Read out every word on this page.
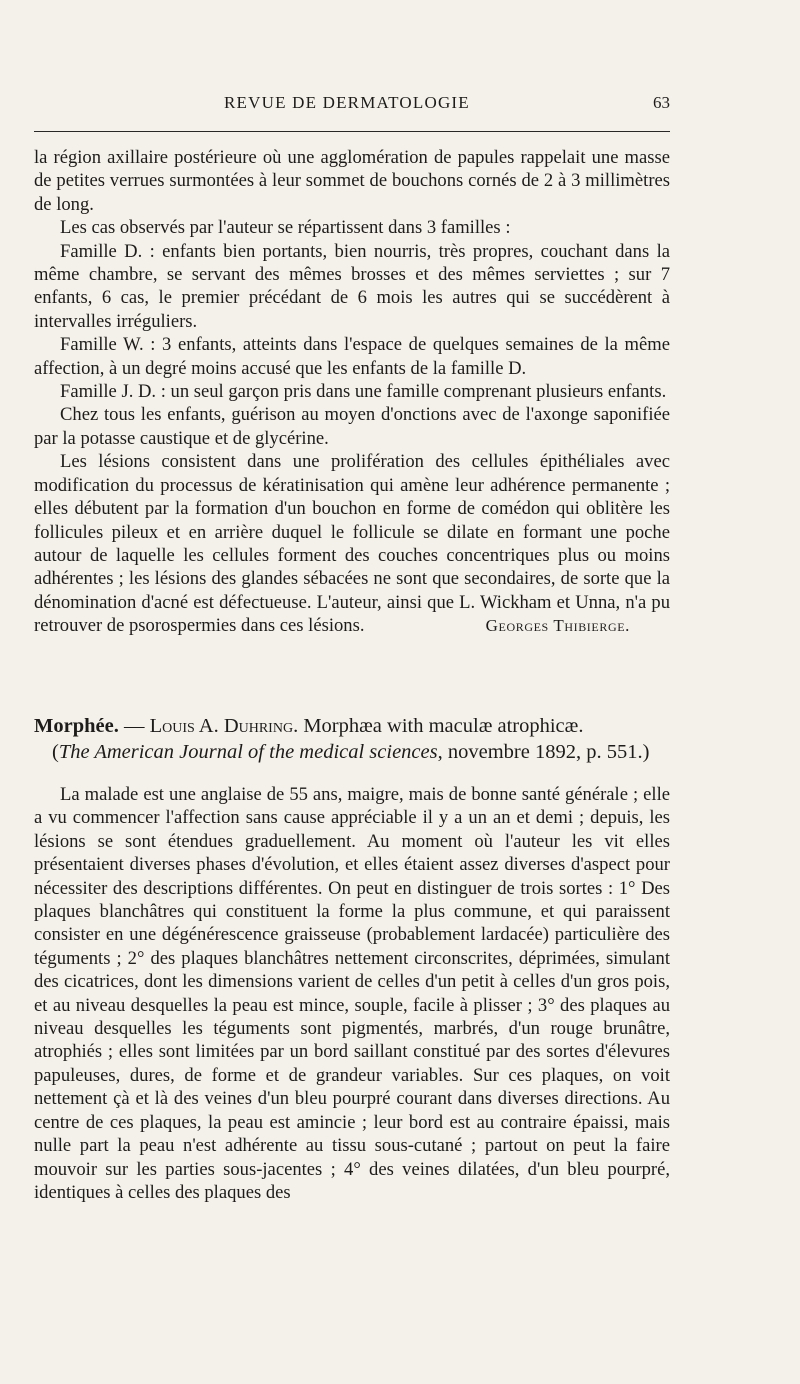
REVUE DE DERMATOLOGIE	63

la région axillaire postérieure où une agglomération de papules rappelait une masse de petites verrues surmontées à leur sommet de bouchons cornés de 2 à 3 millimètres de long.

Les cas observés par l'auteur se répartissent dans 3 familles :

Famille D. : enfants bien portants, bien nourris, très propres, couchant dans la même chambre, se servant des mêmes brosses et des mêmes serviettes ; sur 7 enfants, 6 cas, le premier précédant de 6 mois les autres qui se succédèrent à intervalles irréguliers.

Famille W. : 3 enfants, atteints dans l'espace de quelques semaines de la même affection, à un degré moins accusé que les enfants de la famille D.

Famille J. D. : un seul garçon pris dans une famille comprenant plusieurs enfants.

Chez tous les enfants, guérison au moyen d'onctions avec de l'axonge saponifiée par la potasse caustique et de glycérine.

Les lésions consistent dans une prolifération des cellules épithéliales avec modification du processus de kératinisation qui amène leur adhérence permanente ; elles débutent par la formation d'un bouchon en forme de comédon qui oblitère les follicules pileux et en arrière duquel le follicule se dilate en formant une poche autour de laquelle les cellules forment des couches concentriques plus ou moins adhérentes ; les lésions des glandes sébacées ne sont que secondaires, de sorte que la dénomination d'acné est défectueuse. L'auteur, ainsi que L. Wickham et Unna, n'a pu retrouver de psorospermies dans ces lésions.	Georges Thibierge.

Morphée. — Louis A. Duhring. Morphæa with maculæ atrophicæ.
(The American Journal of the medical sciences, novembre 1892, p. 551.)

La malade est une anglaise de 55 ans, maigre, mais de bonne santé générale ; elle a vu commencer l'affection sans cause appréciable il y a un an et demi ; depuis, les lésions se sont étendues graduellement. Au moment où l'auteur les vit elles présentaient diverses phases d'évolution, et elles étaient assez diverses d'aspect pour nécessiter des descriptions différentes. On peut en distinguer de trois sortes : 1° Des plaques blanchâtres qui constituent la forme la plus commune, et qui paraissent consister en une dégénérescence graisseuse (probablement lardacée) particulière des téguments ; 2° des plaques blanchâtres nettement circonscrites, déprimées, simulant des cicatrices, dont les dimensions varient de celles d'un petit à celles d'un gros pois, et au niveau desquelles la peau est mince, souple, facile à plisser ; 3° des plaques au niveau desquelles les téguments sont pigmentés, marbrés, d'un rouge brunâtre, atrophiés ; elles sont limitées par un bord saillant constitué par des sortes d'élevures papuleuses, dures, de forme et de grandeur variables. Sur ces plaques, on voit nettement çà et là des veines d'un bleu pourpré courant dans diverses directions. Au centre de ces plaques, la peau est amincie ; leur bord est au contraire épaissi, mais nulle part la peau n'est adhérente au tissu sous-cutané ; partout on peut la faire mouvoir sur les parties sous-jacentes ; 4° des veines dilatées, d'un bleu pourpré, identiques à celles des plaques des
